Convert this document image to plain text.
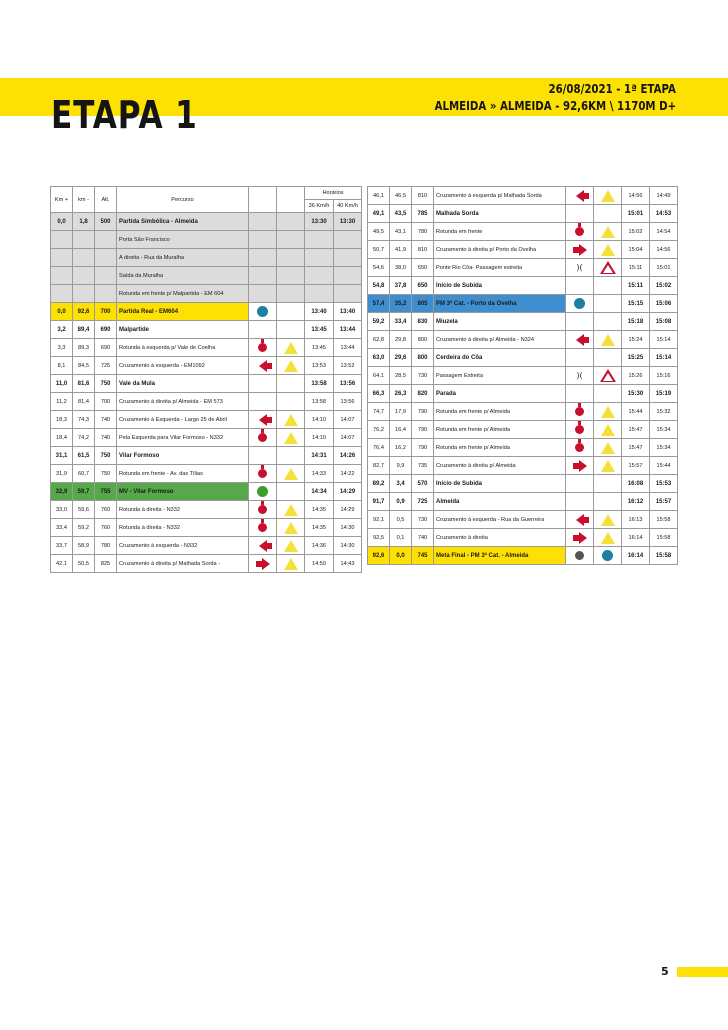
ETAPA 1
26/08/2021 - 1ª ETAPA
ALMEIDA » ALMEIDA - 92,6KM \ 1170M D+
Km +	km -	Alt.	Percurso			Horários	
						36 Km/h	40 Km/h
0,0	1,8	500	Partida Simbólica - Almeida			13:30	13:30
			Porta São Francisco				
			A direita - Rua da Muralha				
			Saída da Muralha				
			Rotunda em frente p/ Malpartida - EM 604				
0,0	92,6	700	Partida Real - EM604			13:40	13:40
3,2	89,4	690	Malpartide			13:45	13:44
3,3	89,3	690	Rotunda à esquerda p/ Vale de Coelha			13:45	13:44
8,1	84,5	725	Cruzamento à esquerda - EM1092			13:53	13:52
11,0	81,6	750	Vale da Mula			13:58	13:56
11,2	81,4	700	Cruzamento à direita p/ Almeida - EM 573			13:58	13:56
18,3	74,3	740	Cruzamento à Esquerda - Largo 25 de Abril			14:10	14:07
18,4	74,2	740	Pela Esquerda para Vilar Formoso - N332			14:10	14:07
31,1	61,5	750	Vilar Formoso			14:31	14:26
31,9	60,7	750	Rotunda em frente - Av. das Tílias			14:33	14:22
32,9	59,7	755	MV - Vilar Formoso			14:34	14:29
33,0	59,6	760	Rotunda à direita - N332			14:35	14:29
33,4	59,2	760	Rotunda à direita - N332			14:35	14:30
33,7	58,9	780	Cruzamento à esquerda - N332			14:36	14:30
42,1	50,5	825	Cruzamento à direita p/ Malhada Sorda -			14:50	14:43
46,1	46,5	810	Cruzamento à esquerda p/ Malhada Sorda			14:56	14:49
49,1	43,5	785	Malhada Sorda			15:01	14:53
49,5	43,1	780	Rotunda em frente			15:02	14:54
50,7	41,9	810	Cruzamento à direita p/ Porto da Ovelha			15:04	14:56
54,6	38,0	650	Ponte Rio Côa- Passagem estreita	)(		15:11	15:01
54,8	37,8	650	Início de Subida			15:11	15:02
57,4	35,2	805	PM 3ª Cat. - Porto da Ovelha			15:15	15:06
59,2	33,4	830	Miuzela			15:18	15:08
62,8	29,8	800	Cruzamento à direita p/ Almeida - N324			15:24	15:14
63,0	29,6	800	Cerdeira do Côa			15:25	15:14
64,1	28,5	730	Passagem Estreita	)(		15:26	15:16
66,3	26,3	820	Parada			15:30	15:19
74,7	17,9	790	Rotunda em frente p/ Almeida			15:44	15:32
76,2	16,4	790	Rotunda em frente p/ Almeida			15:47	15:34
76,4	16,2	790	Rotunda em frente p/ Almeida			15:47	15:34
82,7	9,9	735	Cruzamento à direita p/ Almeida			15:57	15:44
89,2	3,4	570	Início de Subida			16:08	15:53
91,7	0,9	725	Almeida			16:12	15:57
92,1	0,5	730	Cruzamento à esquerda - Rua da Guerreira			16:13	15:58
92,5	0,1	740	Cruzamento à direita			16:14	15:58
92,6	0,0	745	Meta Final - PM 3ª Cat. - Almeida			16:14	15:58
5
